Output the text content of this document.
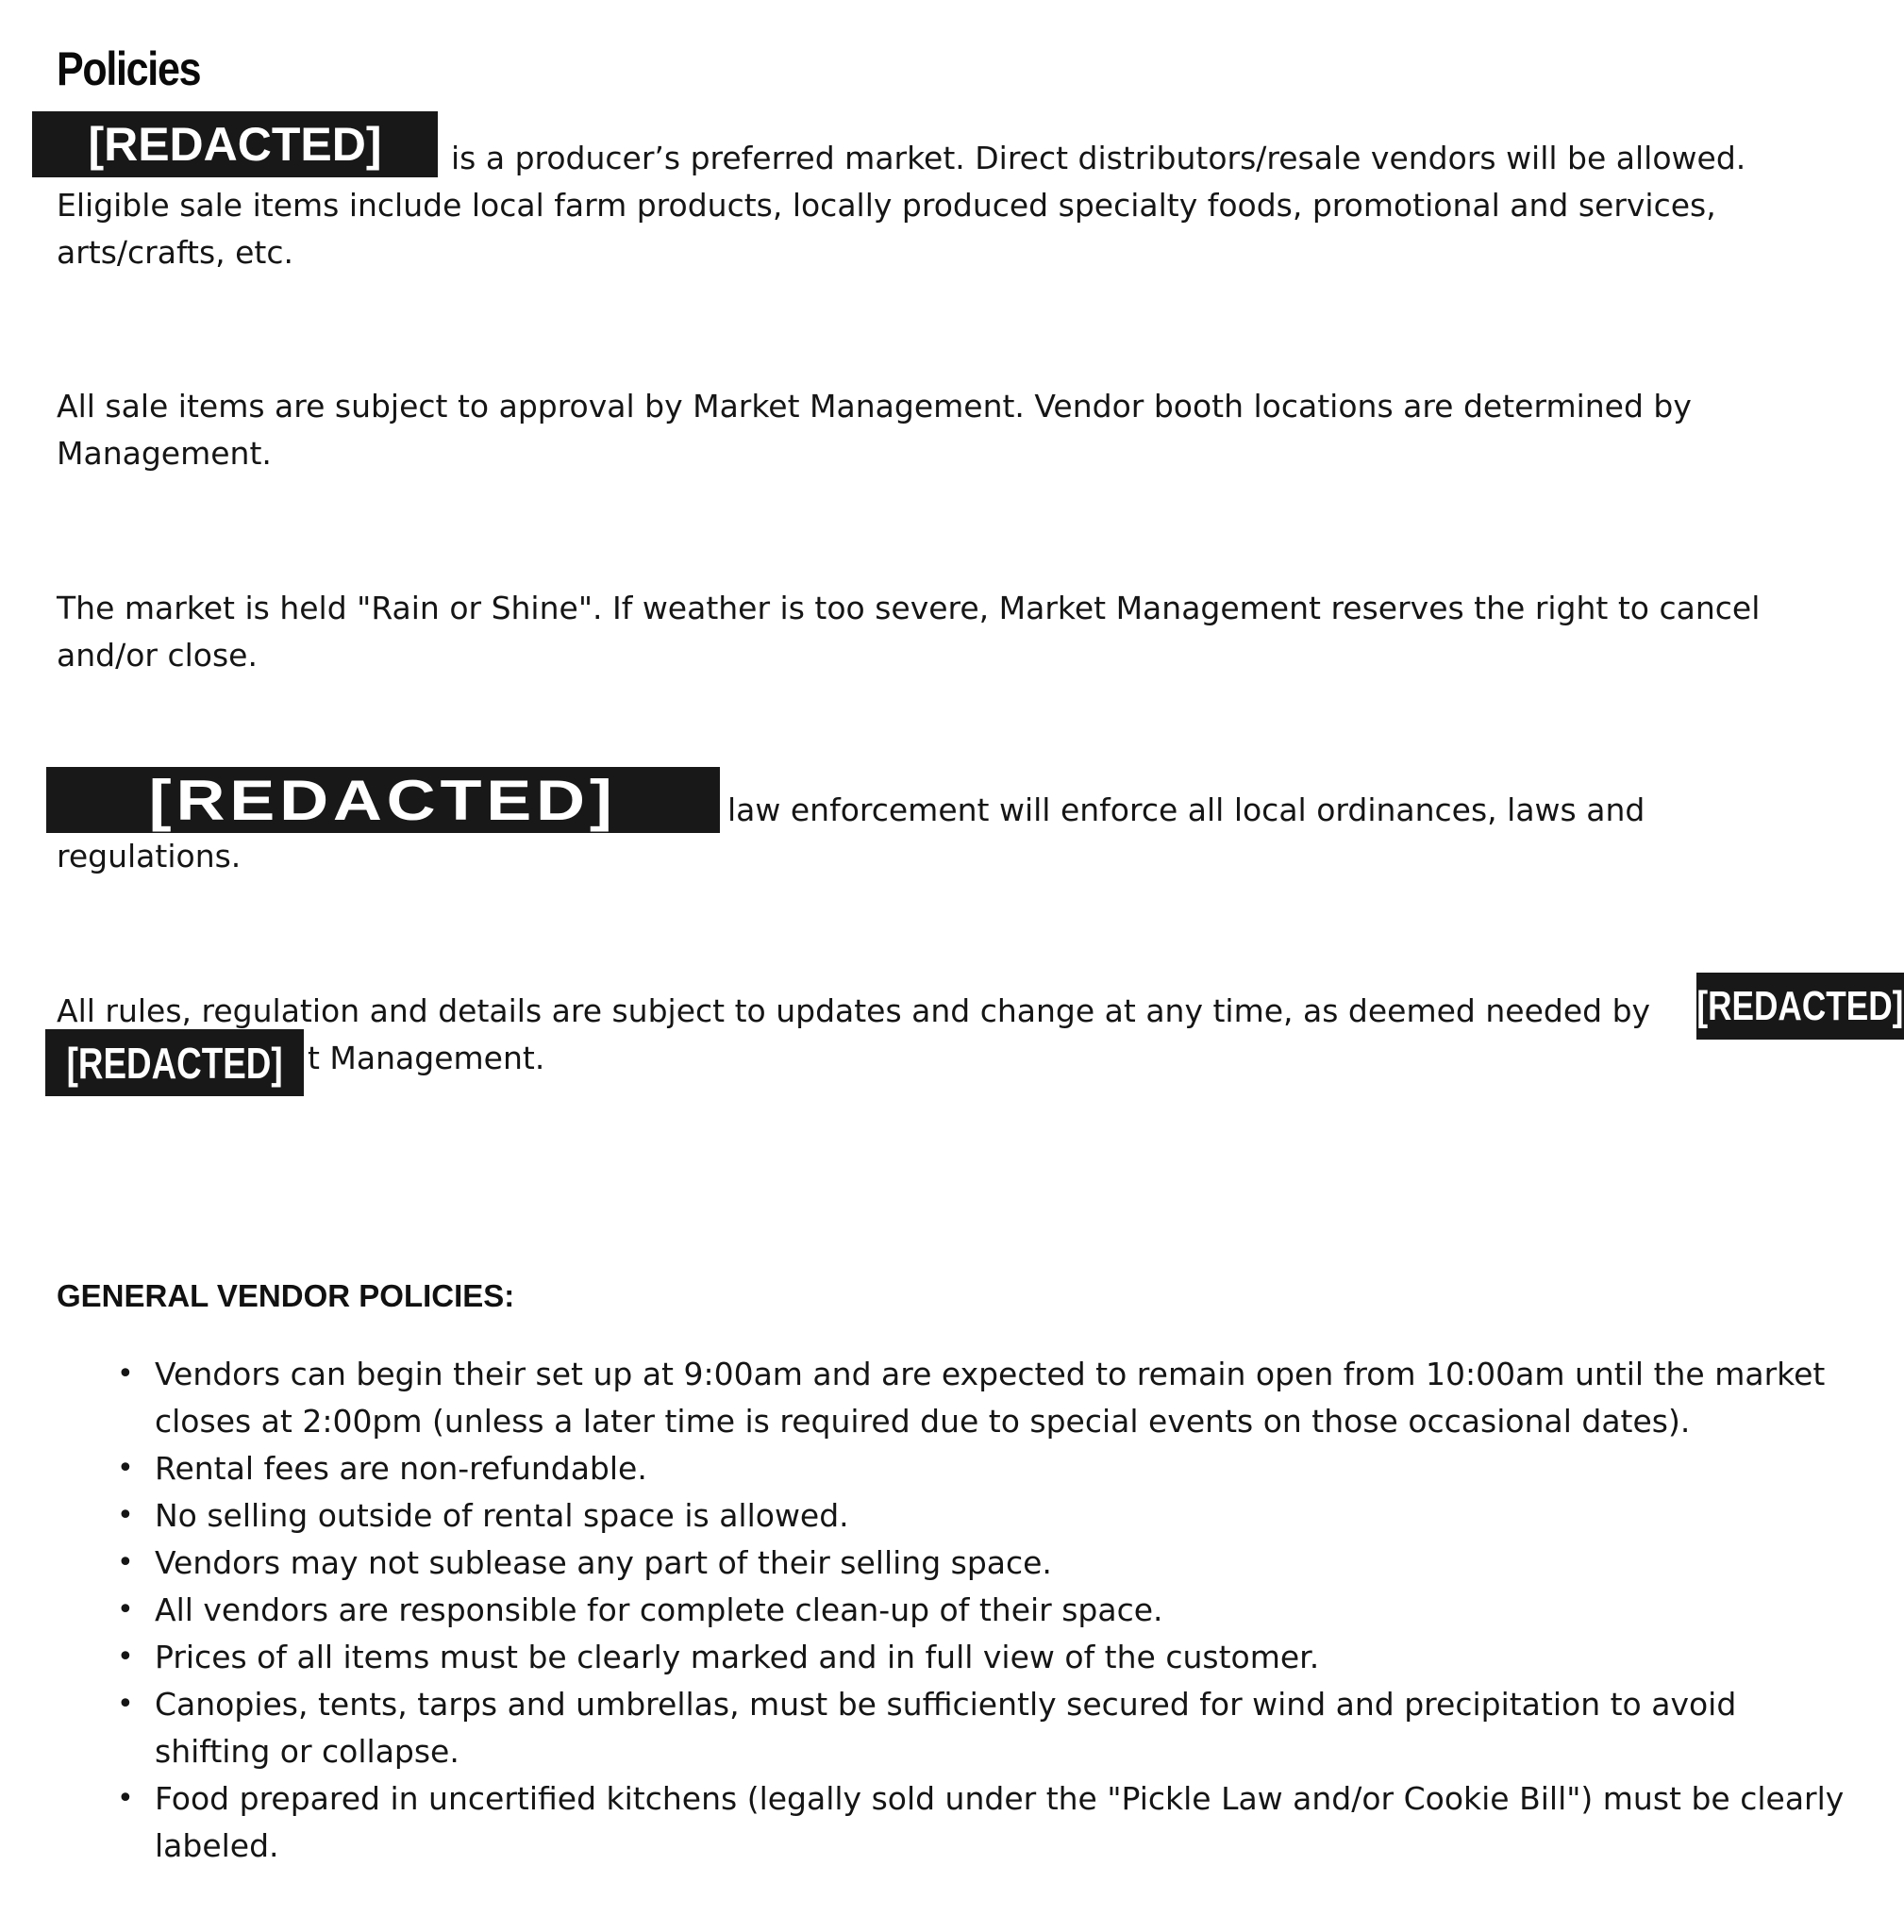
Policies
[REDACTED] is a producer’s preferred market. Direct distributors/resale vendors will be allowed.

Eligible sale items include local farm products, locally produced specialty foods, promotional and services, arts/crafts, etc.

All sale items are subject to approval by Market Management. Vendor booth locations are determined by Management.

The market is held "Rain or Shine". If weather is too severe, Market Management reserves the right to cancel and/or close.

[REDACTED]	law enforcement will enforce all local ordinances, laws and

regulations.

All rules, regulation and details are subject to updates and change at any time, as deemed needed by [REDACTED]
[REDACTED] t Management.

GENERAL VENDOR POLICIES:
• Vendors can begin their set up at 9:00am and are expected to remain open from 10:00am until the market closes at 2:00pm (unless a later time is required due to special events on those occasional dates).
• Rental fees are non-refundable.
• No selling outside of rental space is allowed.
• Vendors may not sublease any part of their selling space.
• All vendors are responsible for complete clean-up of their space.
• Prices of all items must be clearly marked and in full view of the customer.
• Canopies, tents, tarps and umbrellas, must be sufficiently secured for wind and precipitation to avoid shifting or collapse.
• Food prepared in uncertified kitchens (legally sold under the "Pickle Law and/or Cookie Bill") must be clearly labeled.
